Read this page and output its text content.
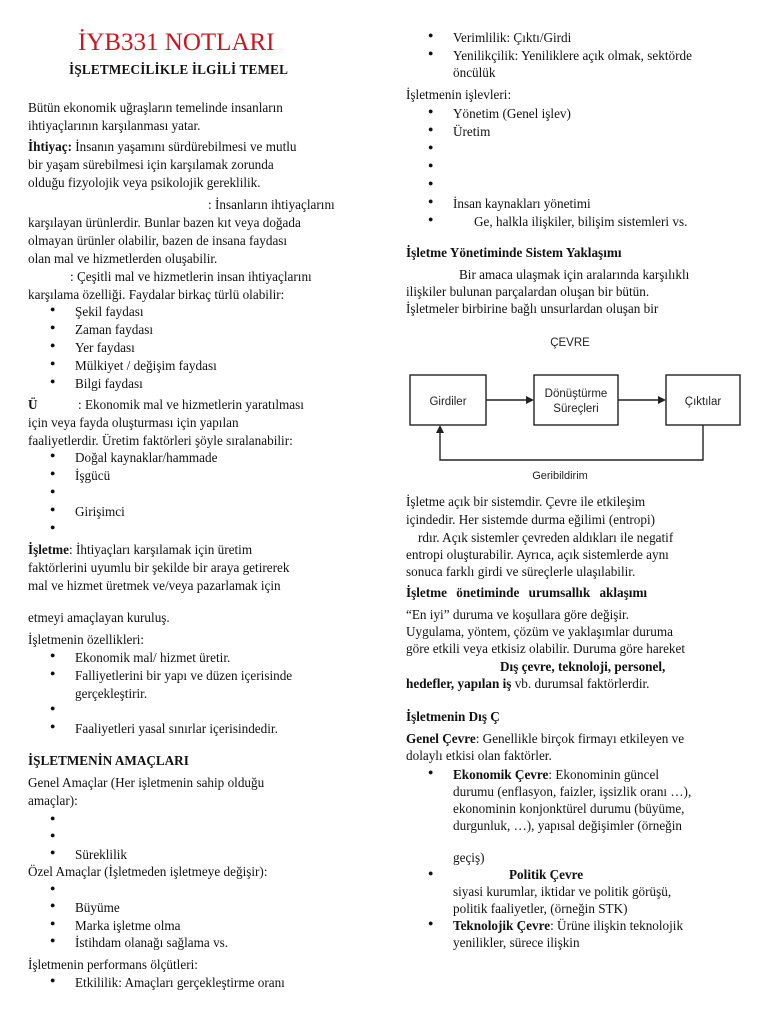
İYB331 NOTLARI
İŞLETMECİLİKLE İLGİLİ TEMEL
Bütün ekonomik uğraşların temelinde insanların
ihtiyaçlarının karşılanması yatar.
İhtiyaç: İnsanın yaşamını sürdürebilmesi ve mutlu
bir yaşam sürebilmesi için karşılamak zorunda
olduğu fizyolojik veya psikolojik gereklilik.
: İnsanların ihtiyaçlarını
karşılayan ürünlerdir. Bunlar bazen kıt veya doğada
olmayan ürünler olabilir, bazen de insana faydası
olan mal ve hizmetlerden oluşabilir.
: Çeşitli mal ve hizmetlerin insan ihtiyaçlarını
karşılama özelliği. Faydalar birkaç türlü olabilir:
Şekil faydası
Zaman faydası
Yer faydası
Mülkiyet / değişim faydası
Bilgi faydası
Ü	: Ekonomik mal ve hizmetlerin yaratılması
için veya fayda oluşturması için yapılan
faaliyetlerdir. Üretim faktörleri şöyle sıralanabilir:
Doğal kaynaklar/hammade
İşgücü
Girişimci
İşletme: İhtiyaçları karşılamak için üretim
faktörlerini uyumlu bir şekilde bir araya getirerek
mal ve hizmet üretmek ve/veya pazarlamak için
etmeyi amaçlayan kuruluş.
İşletmenin özellikleri:
Ekonomik mal/ hizmet üretir.
Falliyetlerini bir yapı ve düzen içerisinde
gerçekleştirir.
Faaliyetleri yasal sınırlar içerisindedir.
İŞLETMENİN AMAÇLARI
Genel Amaçlar (Her işletmenin sahip olduğu
amaçlar):
Süreklilik
Özel Amaçlar (İşletmeden işletmeye değişir):
Büyüme
Marka işletme olma
İstihdam olanağı sağlama vs.
İşletmenin performans ölçütleri:
Etkililik: Amaçları gerçekleştirme oranı
Verimlilik: Çıktı/Girdi
Yenilikçilik: Yeniliklere açık olmak, sektörde
öncülük
İşletmenin işlevleri:
Yönetim (Genel işlev)
Üretim
İnsan kaynakları yönetimi
Ge, halkla ilişkiler, bilişim sistemleri vs.
İşletme Yönetiminde Sistem Yaklaşımı
Bir amaca ulaşmak için aralarında karşılıklı
ilişkiler bulunan parçalardan oluşan bir bütün.
İşletmeler birbirine bağlı unsurlardan oluşan bir
ÇEVRE
Girdiler
Dönüştürme
Süreçleri
Çıktılar
Geribildirim
İşletme açık bir sistemdir. Çevre ile etkileşim
içindedir. Her sistemde durma eğilimi (entropi)
rdır. Açık sistemler çevreden aldıkları ile negatif
entropi oluşturabilir. Ayrıca, açık sistemlerde aynı
sonuca farklı girdi ve süreçlerle ulaşılabilir.
İşletme önetiminde urumsallık aklaşımı
“En iyi” duruma ve koşullara göre değişir.
Uygulama, yöntem, çözüm ve yaklaşımlar duruma
göre etkili veya etkisiz olabilir. Duruma göre hareket
Dış çevre, teknoloji, personel,
hedefler, yapılan iş vb. durumsal faktörlerdir.
İşletmenin Dış Ç
Genel Çevre: Genellikle birçok firmayı etkileyen ve
dolaylı etkisi olan faktörler.
Ekonomik Çevre: Ekonominin güncel
durumu (enflasyon, faizler, işsizlik oranı …),
ekonominin konjonktürel durumu (büyüme,
durgunluk, …), yapısal değişimler (örneğin
geçiş)
Politik Çevre
siyasi kurumlar, iktidar ve politik görüşü,
politik faaliyetler, (örneğin STK)
Teknolojik Çevre: Ürüne ilişkin teknolojik
yenilikler, sürece ilişkin
